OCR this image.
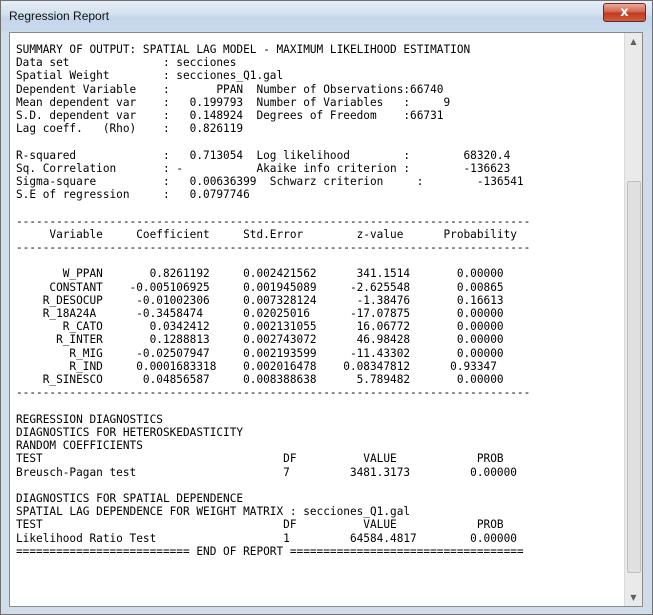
Regression Report	x
SUMMARY OF OUTPUT: SPATIAL LAG MODEL - MAXIMUM LIKELIHOOD ESTIMATION
Data set              : secciones
Spatial Weight        : secciones_Q1.gal
Dependent Variable    :       PPAN  Number of Observations:66740
Mean dependent var    :   0.199793  Number of Variables   :     9
S.D. dependent var    :   0.148924  Degrees of Freedom    :66731
Lag coeff.   (Rho)    :   0.826119

R-squared             :   0.713054  Log likelihood        :        68320.4
Sq. Correlation       : -           Akaike info criterion :        -136623
Sigma-square          :   0.00636399  Schwarz criterion     :        -136541
S.E of regression     :   0.0797746

-----------------------------------------------------------------------------
Variable     Coefficient     Std.Error        z-value      Probability
-----------------------------------------------------------------------------

W_PPAN       0.8261192     0.002421562      341.1514       0.00000
CONSTANT    -0.005106925     0.001945089     -2.625548       0.00865
R_DESOCUP     -0.01002306     0.007328124      -1.38476       0.16613
R_18A24A      -0.3458474      0.02025016      -17.07875       0.00000
R_CATO       0.0342412     0.002131055      16.06772       0.00000
R_INTER       0.1288813     0.002743072      46.98428       0.00000
R_MIG     -0.02507947     0.002193599     -11.43302       0.00000
R_IND     0.0001683318    0.002016478    0.08347812      0.93347
R_SINESCO      0.04856587     0.008388638      5.789482       0.00000
-----------------------------------------------------------------------------

REGRESSION DIAGNOSTICS
DIAGNOSTICS FOR HETEROSKEDASTICITY
RANDOM COEFFICIENTS
TEST                                    DF          VALUE            PROB
Breusch-Pagan test                      7         3481.3173         0.00000

DIAGNOSTICS FOR SPATIAL DEPENDENCE
SPATIAL LAG DEPENDENCE FOR WEIGHT MATRIX : secciones_Q1.gal
TEST                                    DF          VALUE            PROB
Likelihood Ratio Test                   1         64584.4817        0.00000
========================== END OF REPORT ===================================

▲
▼
